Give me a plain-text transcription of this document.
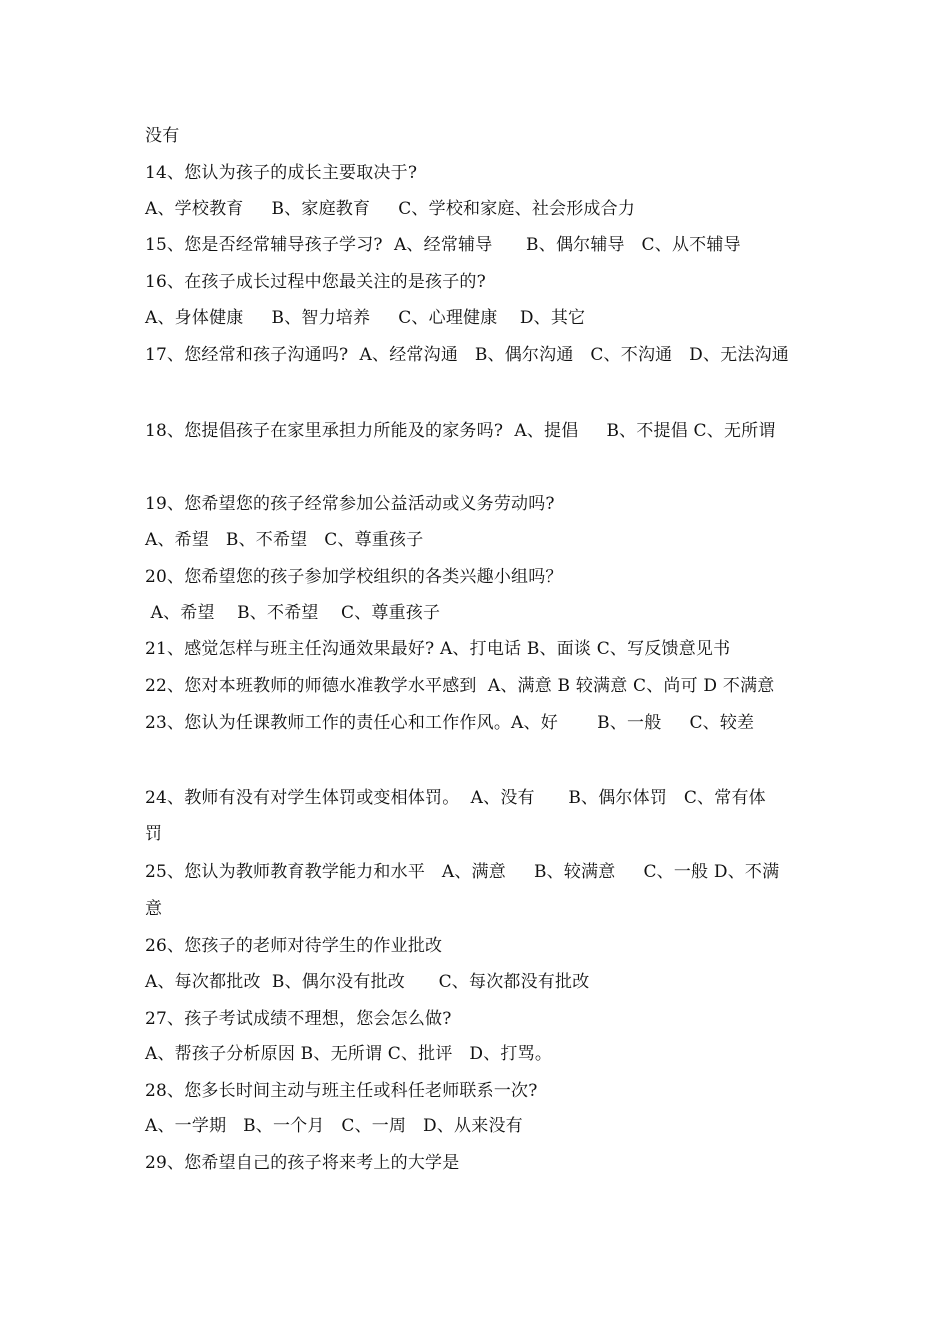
没有
14、您认为孩子的成长主要取决于?
A、学校教育     B、家庭教育     C、学校和家庭、社会形成合力
15、您是否经常辅导孩子学习?  A、经常辅导      B、偶尔辅导   C、从不辅导
16、在孩子成长过程中您最关注的是孩子的?
A、身体健康     B、智力培养     C、心理健康    D、其它
17、您经常和孩子沟通吗?  A、经常沟通   B、偶尔沟通   C、不沟通   D、无法沟通
18、您提倡孩子在家里承担力所能及的家务吗?  A、提倡     B、不提倡 C、无所谓
19、您希望您的孩子经常参加公益活动或义务劳动吗?
A、希望   B、不希望   C、尊重孩子
20、您希望您的孩子参加学校组织的各类兴趣小组吗？
A、希望    B、不希望    C、尊重孩子
21、感觉怎样与班主任沟通效果最好? A、打电话 B、面谈 C、写反馈意见书
22、您对本班教师的师德水准教学水平感到  A、满意 B 较满意 C、尚可 D 不满意
23、您认为任课教师工作的责任心和工作作风。A、好       B、一般     C、较差
24、教师有没有对学生体罚或变相体罚。  A、没有      B、偶尔体罚   C、常有体
罚
25、您认为教师教育教学能力和水平   A、满意     B、较满意     C、一般 D、不满
意
26、您孩子的老师对待学生的作业批改
A、每次都批改  B、偶尔没有批改      C、每次都没有批改
27、孩子考试成绩不理想，您会怎么做?
A、帮孩子分析原因 B、无所谓 C、批评   D、打骂。
28、您多长时间主动与班主任或科任老师联系一次?
A、一学期   B、一个月   C、一周   D、从来没有
29、您希望自己的孩子将来考上的大学是
